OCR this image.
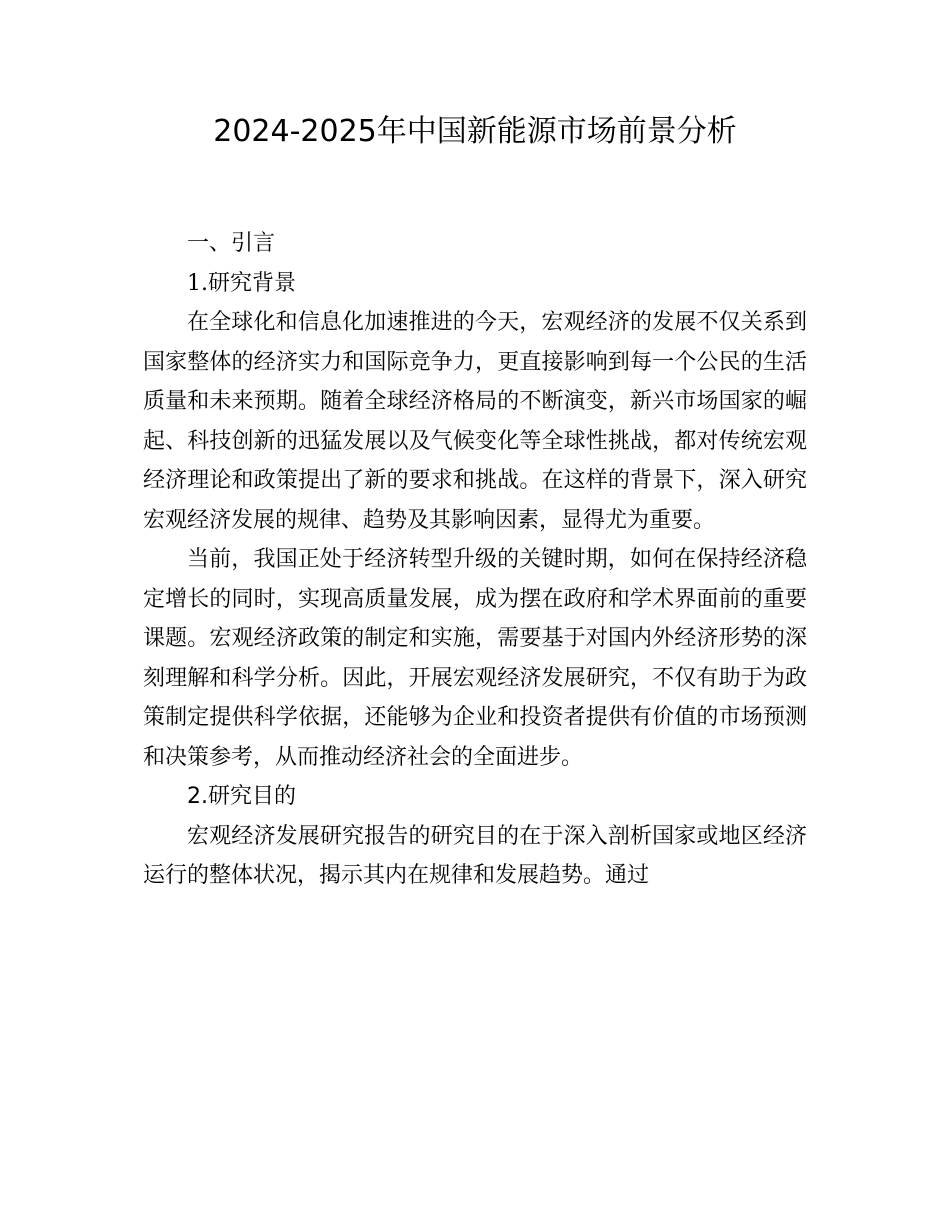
2024-2025年中国新能源市场前景分析
一、引言
1.研究背景

在全球化和信息化加速推进的今天，宏观经济的发展不仅关系到国家整体的经济实力和国际竞争力，更直接影响到每一个公民的生活质量和未来预期。随着全球经济格局的不断演变，新兴市场国家的崛起、科技创新的迅猛发展以及气候变化等全球性挑战，都对传统宏观经济理论和政策提出了新的要求和挑战。在这样的背景下，深入研究宏观经济发展的规律、趋势及其影响因素，显得尤为重要。

当前，我国正处于经济转型升级的关键时期，如何在保持经济稳定增长的同时，实现高质量发展，成为摆在政府和学术界面前的重要课题。宏观经济政策的制定和实施，需要基于对国内外经济形势的深刻理解和科学分析。因此，开展宏观经济发展研究，不仅有助于为政策制定提供科学依据，还能够为企业和投资者提供有价值的市场预测和决策参考，从而推动经济社会的全面进步。

2.研究目的

宏观经济发展研究报告的研究目的在于深入剖析国家或地区经济运行的整体状况，揭示其内在规律和发展趋势。通过
